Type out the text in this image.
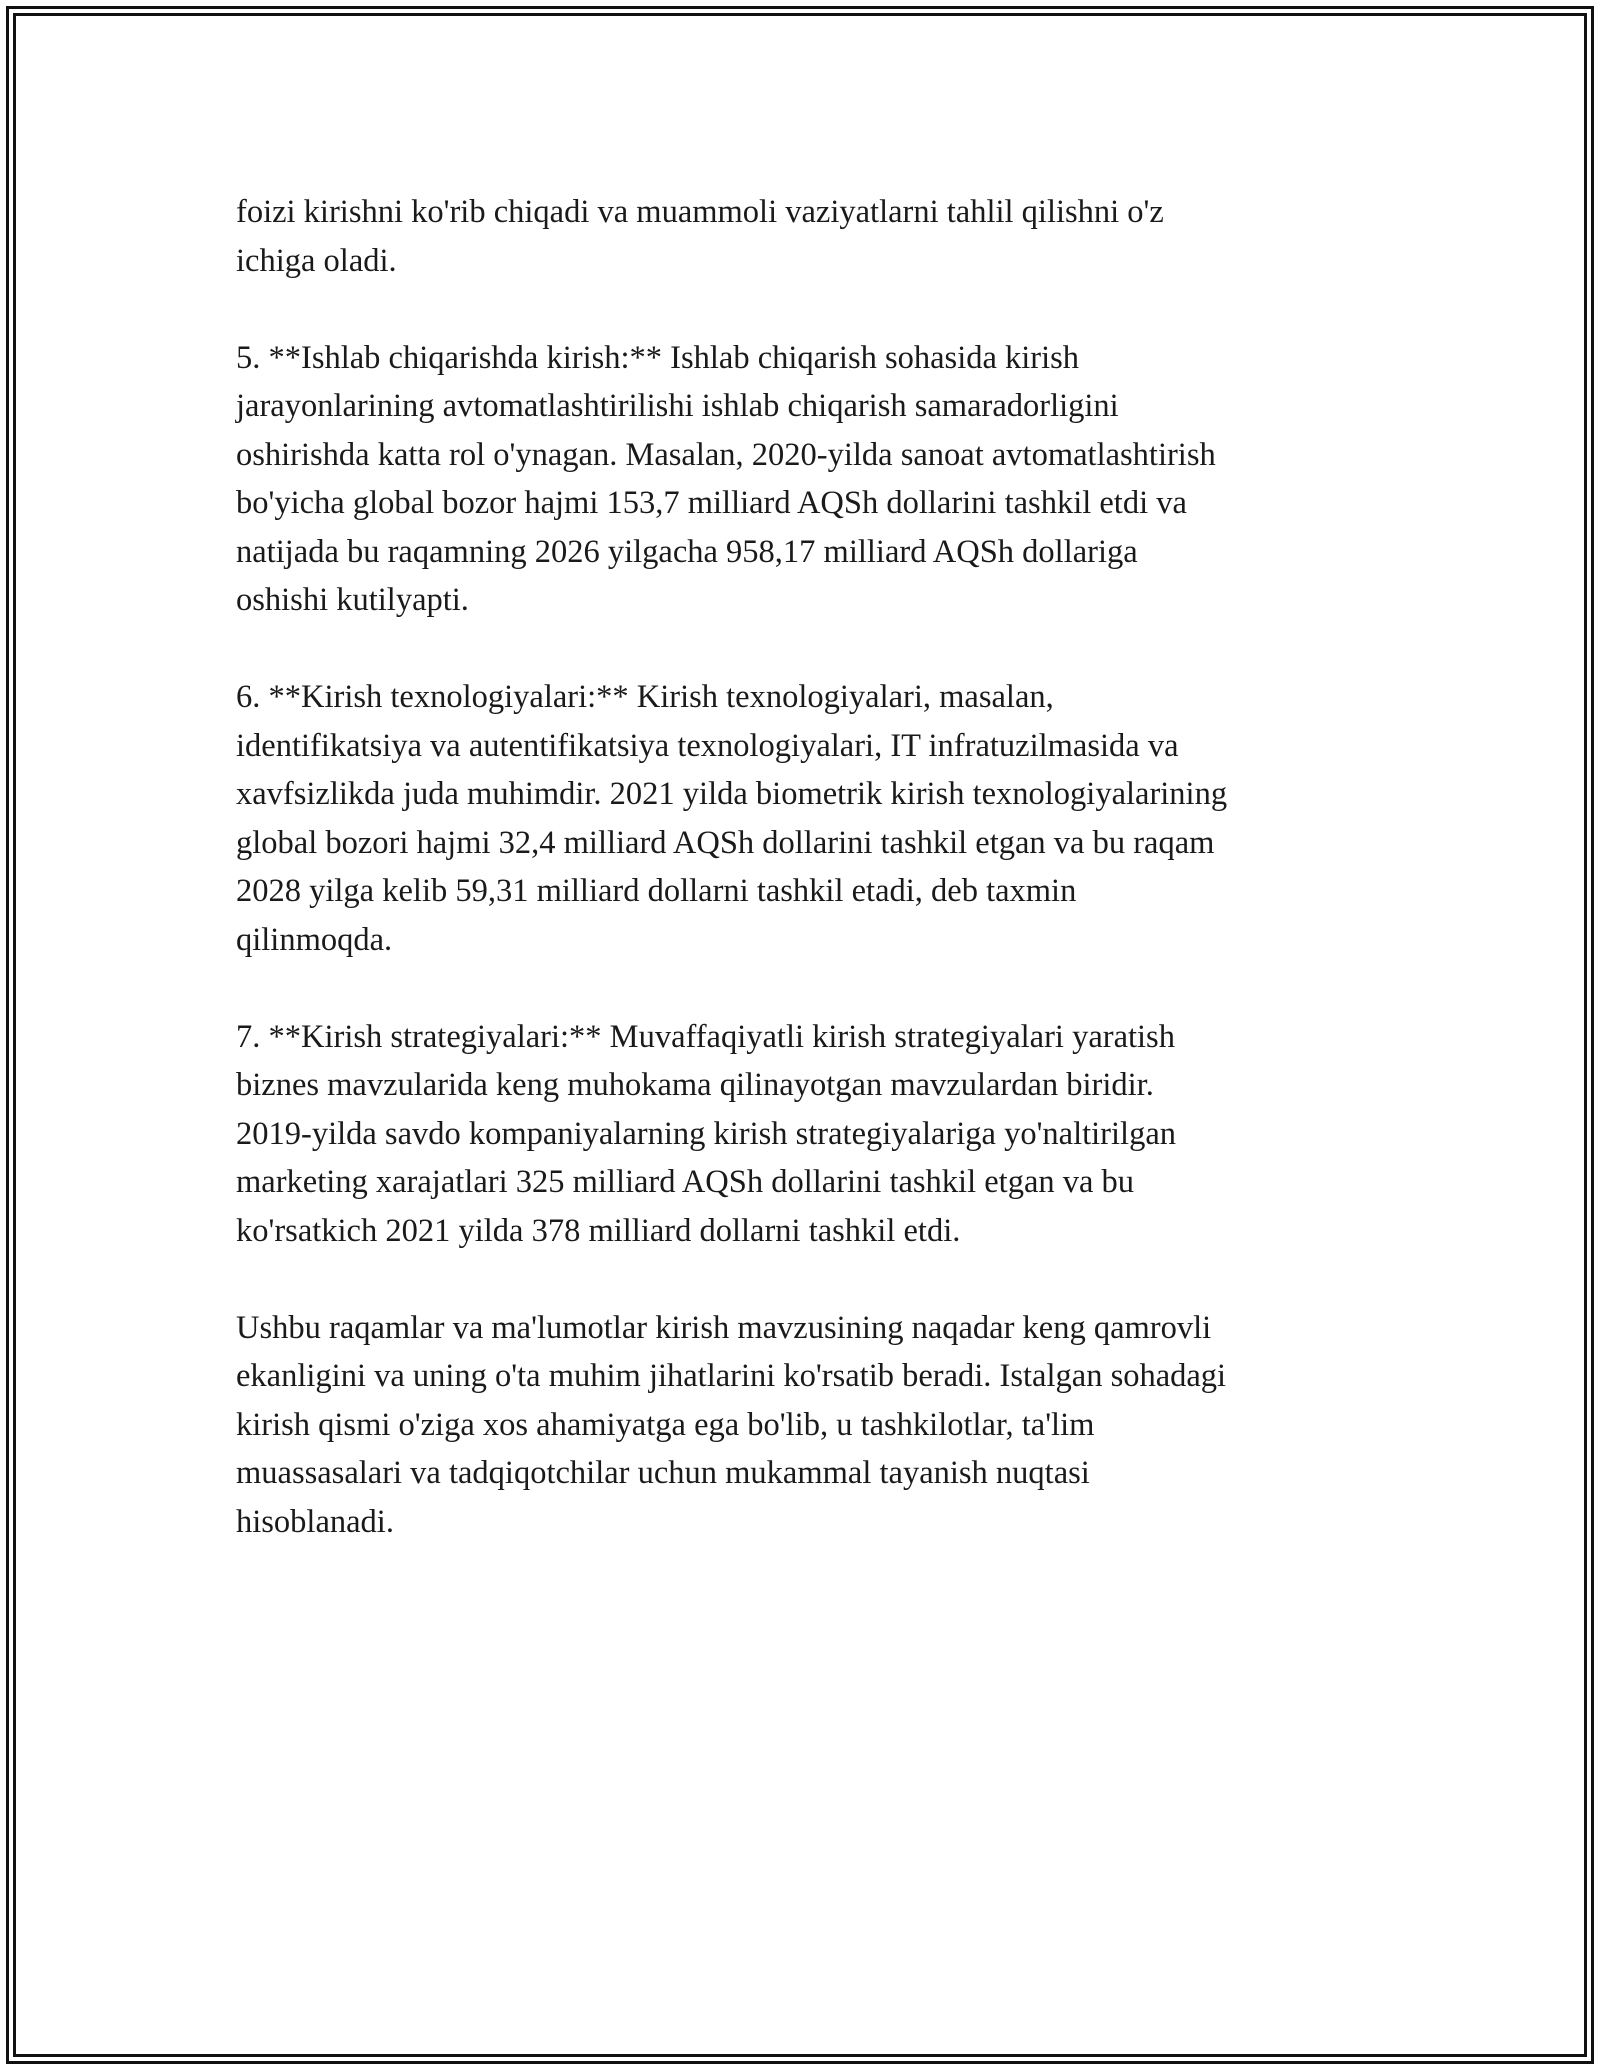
foizi kirishni ko'rib chiqadi va muammoli vaziyatlarni tahlil qilishni o'z
ichiga oladi.

5. **Ishlab chiqarishda kirish:** Ishlab chiqarish sohasida kirish
jarayonlarining avtomatlashtirilishi ishlab chiqarish samaradorligini
oshirishda katta rol o'ynagan. Masalan, 2020-yilda sanoat avtomatlashtirish
bo'yicha global bozor hajmi 153,7 milliard AQSh dollarini tashkil etdi va
natijada bu raqamning 2026 yilgacha 958,17 milliard AQSh dollariga
oshishi kutilyapti.

6. **Kirish texnologiyalari:** Kirish texnologiyalari, masalan,
identifikatsiya va autentifikatsiya texnologiyalari, IT infratuzilmasida va
xavfsizlikda juda muhimdir. 2021 yilda biometrik kirish texnologiyalarining
global bozori hajmi 32,4 milliard AQSh dollarini tashkil etgan va bu raqam
2028 yilga kelib 59,31 milliard dollarni tashkil etadi, deb taxmin
qilinmoqda.

7. **Kirish strategiyalari:** Muvaffaqiyatli kirish strategiyalari yaratish
biznes mavzularida keng muhokama qilinayotgan mavzulardan biridir.
2019-yilda savdo kompaniyalarning kirish strategiyalariga yo'naltirilgan
marketing xarajatlari 325 milliard AQSh dollarini tashkil etgan va bu
ko'rsatkich 2021 yilda 378 milliard dollarni tashkil etdi.

Ushbu raqamlar va ma'lumotlar kirish mavzusining naqadar keng qamrovli
ekanligini va uning o'ta muhim jihatlarini ko'rsatib beradi. Istalgan sohadagi
kirish qismi o'ziga xos ahamiyatga ega bo'lib, u tashkilotlar, ta'lim
muassasalari va tadqiqotchilar uchun mukammal tayanish nuqtasi
hisoblanadi.
